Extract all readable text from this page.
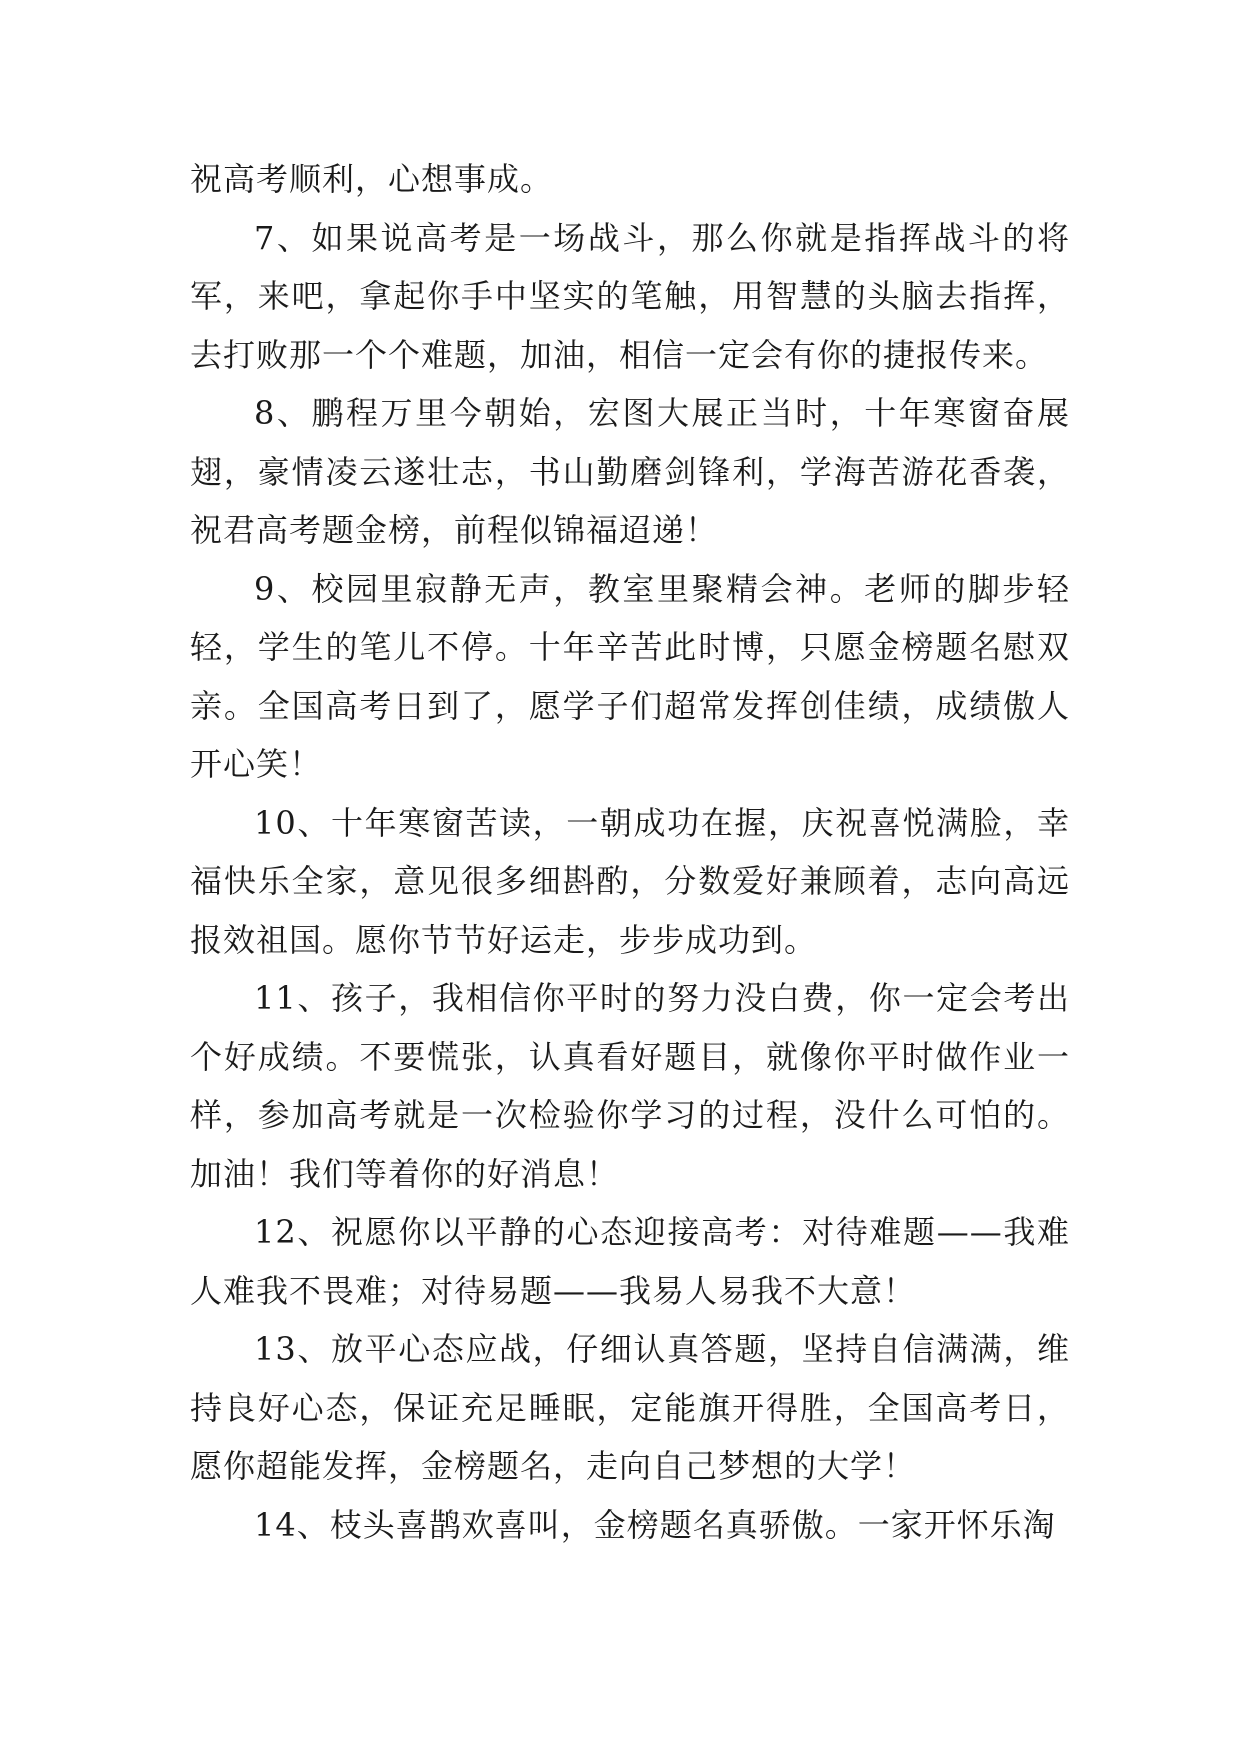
祝高考顺利，心想事成。

7、如果说高考是一场战斗，那么你就是指挥战斗的将军，来吧，拿起你手中坚实的笔触，用智慧的头脑去指挥，去打败那一个个难题，加油，相信一定会有你的捷报传来。

8、鹏程万里今朝始，宏图大展正当时，十年寒窗奋展翅，豪情凌云遂壮志，书山勤磨剑锋利，学海苦游花香袭，祝君高考题金榜，前程似锦福迢递！

9、校园里寂静无声，教室里聚精会神。老师的脚步轻轻，学生的笔儿不停。十年辛苦此时博，只愿金榜题名慰双亲。全国高考日到了，愿学子们超常发挥创佳绩，成绩傲人开心笑！

10、十年寒窗苦读，一朝成功在握，庆祝喜悦满脸，幸福快乐全家，意见很多细斟酌，分数爱好兼顾着，志向高远报效祖国。愿你节节好运走，步步成功到。

11、孩子，我相信你平时的努力没白费，你一定会考出个好成绩。不要慌张，认真看好题目，就像你平时做作业一样，参加高考就是一次检验你学习的过程，没什么可怕的。加油！我们等着你的好消息！

12、祝愿你以平静的心态迎接高考：对待难题——我难人难我不畏难；对待易题——我易人易我不大意！

13、放平心态应战，仔细认真答题，坚持自信满满，维持良好心态，保证充足睡眠，定能旗开得胜，全国高考日，愿你超能发挥，金榜题名，走向自己梦想的大学！

14、枝头喜鹊欢喜叫，金榜题名真骄傲。一家开怀乐淘
